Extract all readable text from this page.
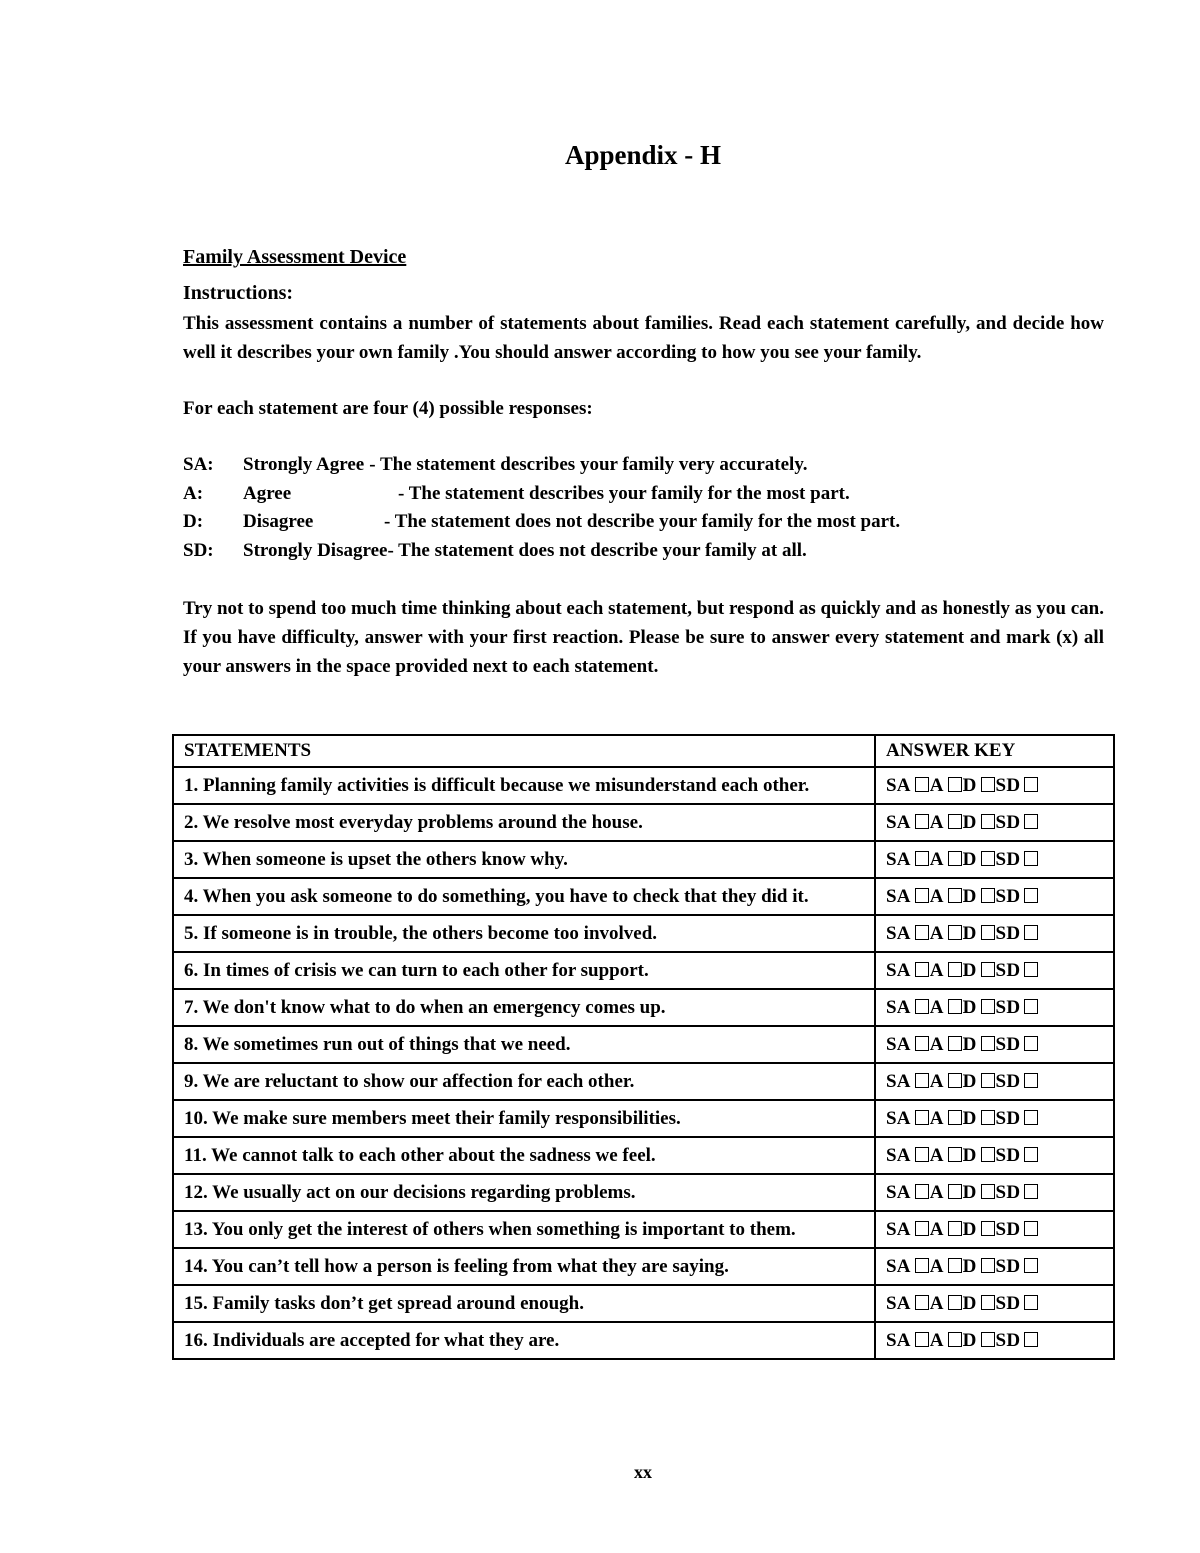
Appendix - H
Family Assessment Device
Instructions:
This assessment contains a number of statements about families. Read each statement carefully, and decide how well it describes your own family .You should answer according to how you see your family.
For each statement are four (4) possible responses:
SA:	Strongly Agree - The statement describes your family very accurately.
A:	Agree	- The statement describes your family for the most part.
D:	Disagree	- The statement does not describe your family for the most part.
SD:	Strongly Disagree - The statement does not describe your family at all.
Try not to spend too much time thinking about each statement, but respond as quickly and as honestly as you can. If you have difficulty, answer with your first reaction. Please be sure to answer every statement and mark (x) all your answers in the space provided next to each statement.
STATEMENTS	ANSWER KEY
1. Planning family activities is difficult because we misunderstand each other.	SA A D SD
2. We resolve most everyday problems around the house.	SA A D SD
3. When someone is upset the others know why.	SA A D SD
4. When you ask someone to do something, you have to check that they did it.	SA A D SD
5. If someone is in trouble, the others become too involved.	SA A D SD
6. In times of crisis we can turn to each other for support.	SA A D SD
7. We don't know what to do when an emergency comes up.	SA A D SD
8. We sometimes run out of things that we need.	SA A D SD
9. We are reluctant to show our affection for each other.	SA A D SD
10. We make sure members meet their family responsibilities.	SA A D SD
11. We cannot talk to each other about the sadness we feel.	SA A D SD
12. We usually act on our decisions regarding problems.	SA A D SD
13. You only get the interest of others when something is important to them.	SA A D SD
14. You can’t tell how a person is feeling from what they are saying.	SA A D SD
15. Family tasks don’t get spread around enough.	SA A D SD
16. Individuals are accepted for what they are.	SA A D SD
xx
